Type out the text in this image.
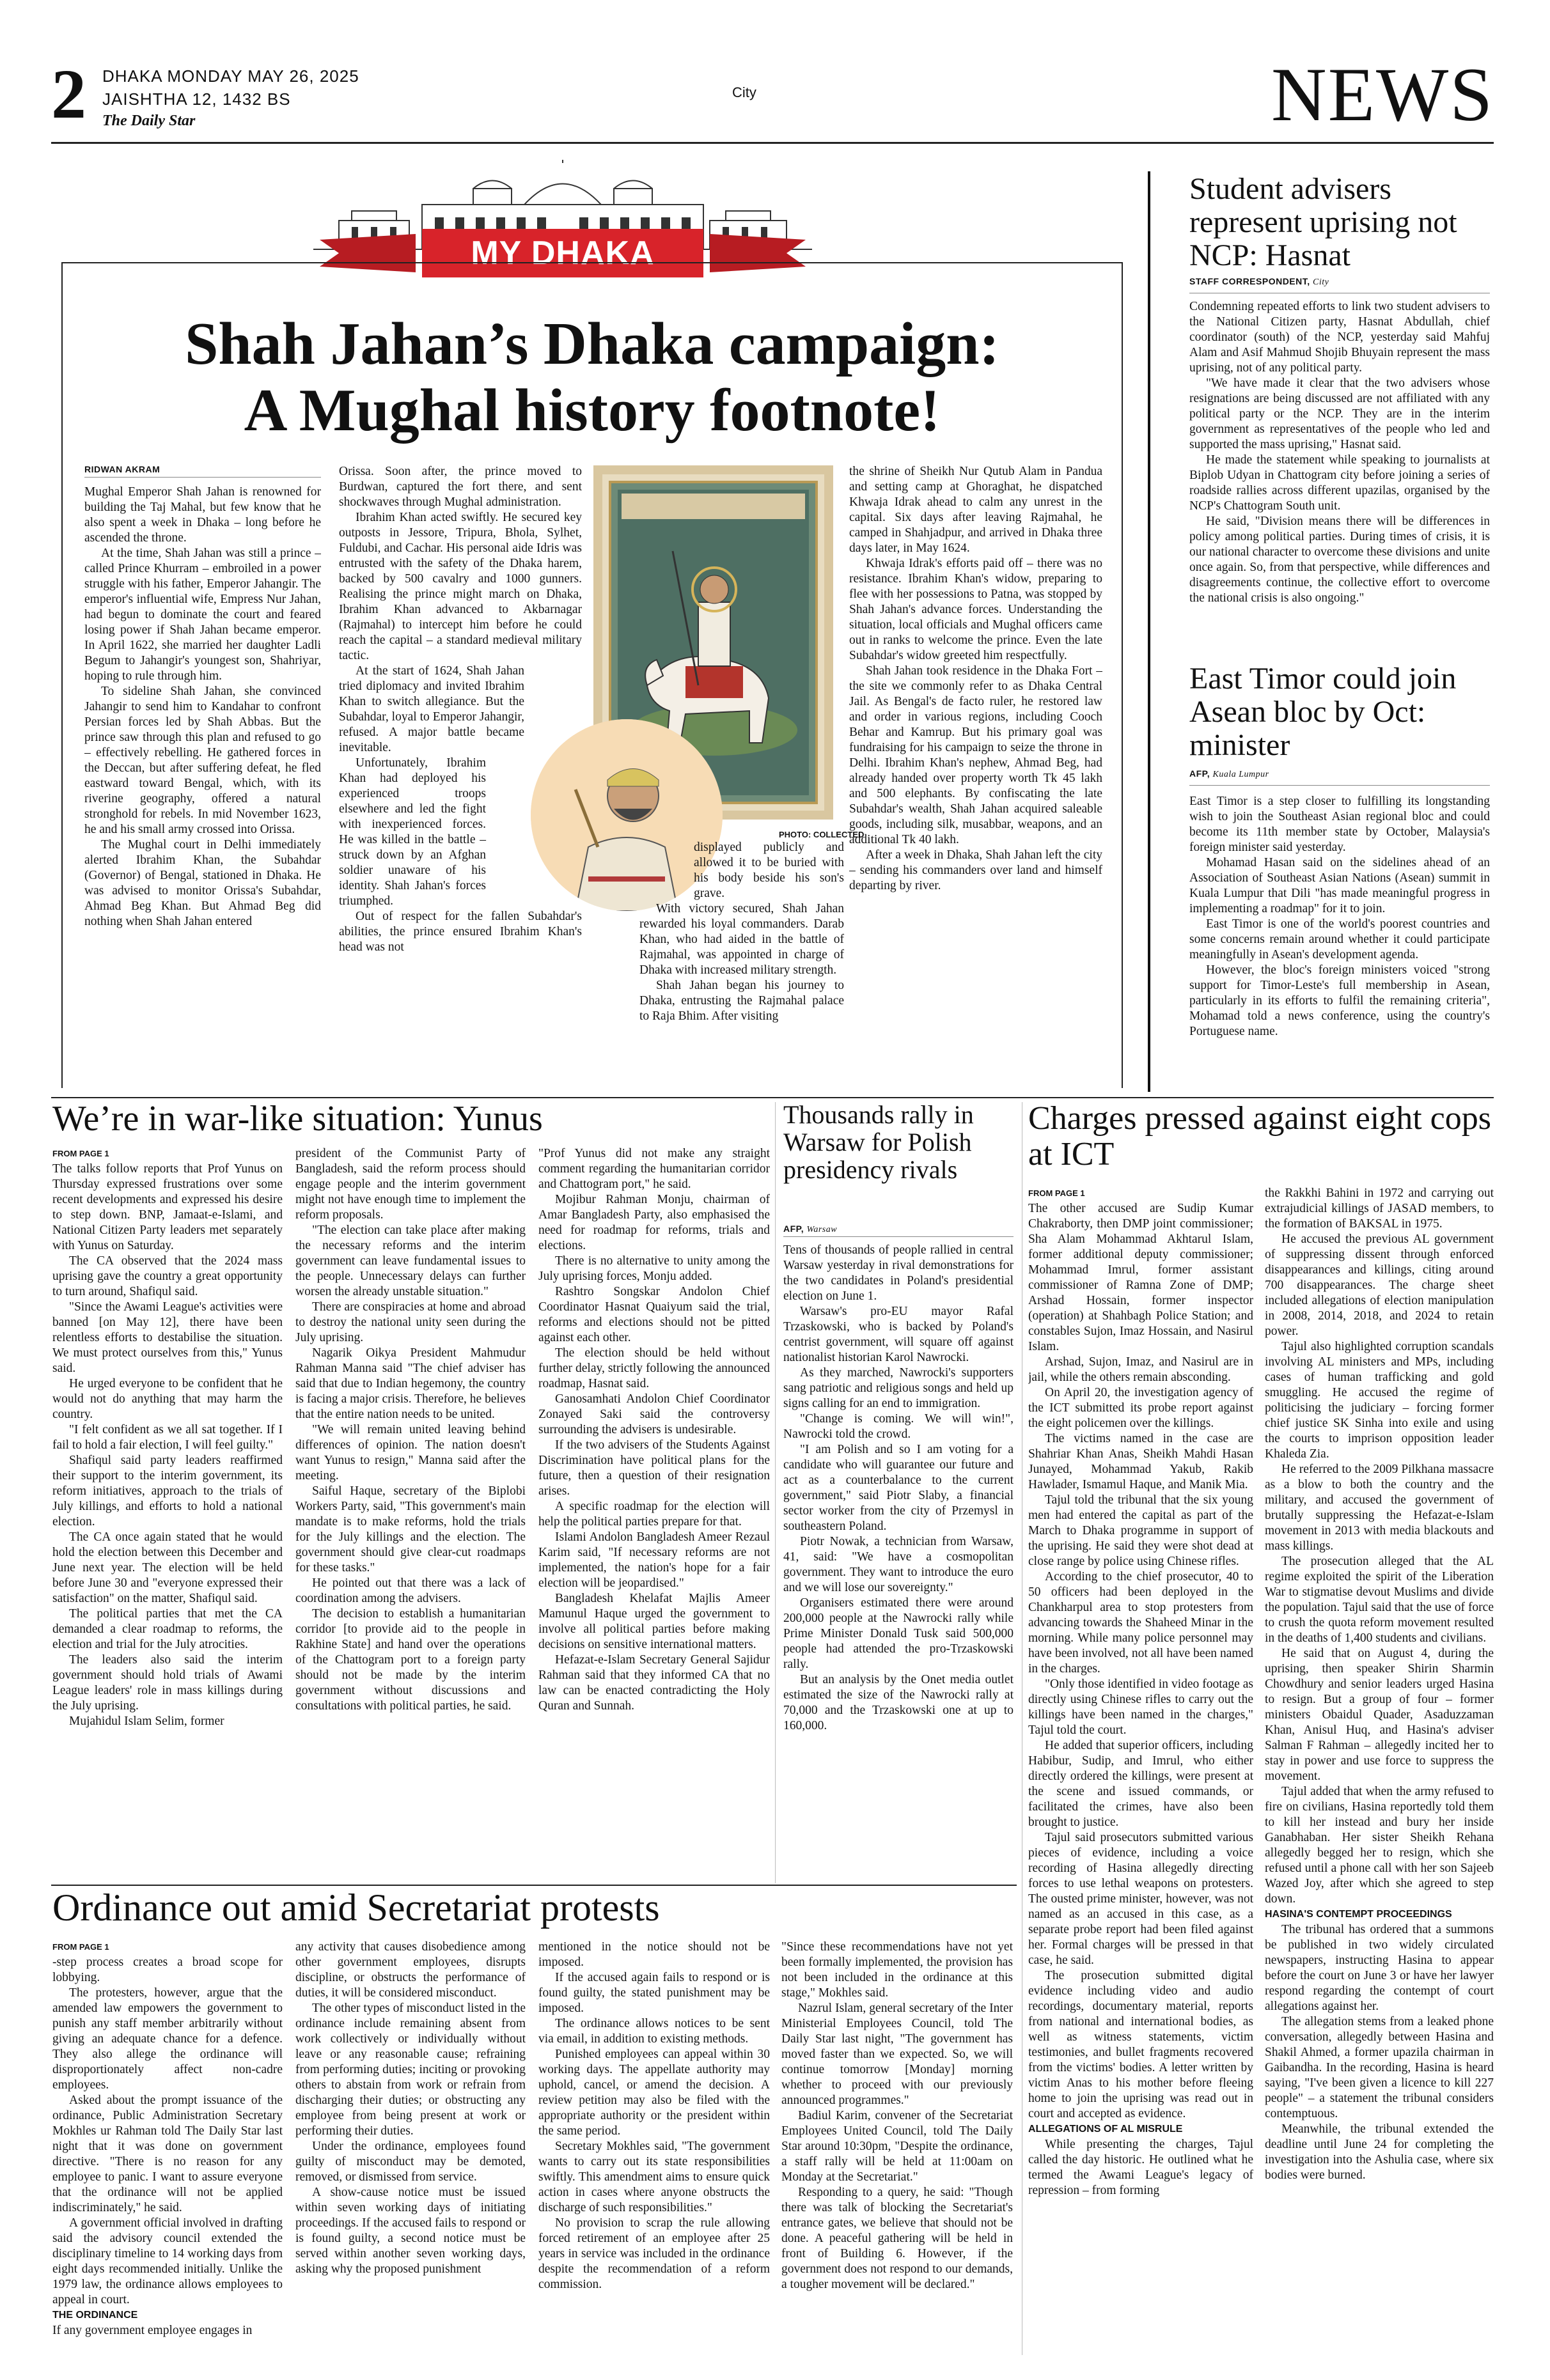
2 DHAKA MONDAY MAY 26, 2025
JAISHTHA 12, 1432 BS
The Daily Star
City	NEWS
MY DHAKA
Shah Jahan’s Dhaka campaign:
A Mughal history footnote!
RIDWAN AKRAM

Mughal Emperor Shah Jahan is renowned for building the Taj Mahal, but few know that he also spent a week in Dhaka – long before he ascended the throne.

At the time, Shah Jahan was still a prince – called Prince Khurram – embroiled in a power struggle with his father, Emperor Jahangir. The emperor's influential wife, Empress Nur Jahan, had begun to dominate the court and feared losing power if Shah Jahan became emperor. In April 1622, she married her daughter Ladli Begum to Jahangir's youngest son, Shahriyar, hoping to rule through him.

To sideline Shah Jahan, she convinced Jahangir to send him to Kandahar to confront Persian forces led by Shah Abbas. But the prince saw through this plan and refused to go – effectively rebelling. He gathered forces in the Deccan, but after suffering defeat, he fled eastward toward Bengal, which, with its riverine geography, offered a natural stronghold for rebels. In mid November 1623, he and his small army crossed into Orissa.

The Mughal court in Delhi immediately alerted Ibrahim Khan, the Subahdar (Governor) of Bengal, stationed in Dhaka. He was advised to monitor Orissa's Subahdar, Ahmad Beg Khan. But Ahmad Beg did nothing when Shah Jahan entered

Orissa. Soon after, the prince moved to Burdwan, captured the fort there, and sent shockwaves through Mughal administration.

Ibrahim Khan acted swiftly. He secured key outposts in Jessore, Tripura, Bhola, Sylhet, Fuldubi, and Cachar. His personal aide Idris was entrusted with the safety of the Dhaka harem, backed by 500 cavalry and 1000 gunners. Realising the prince might march on Dhaka, Ibrahim Khan advanced to Akbarnagar (Rajmahal) to intercept him before he could reach the capital – a standard medieval military tactic.

At the start of 1624, Shah Jahan tried diplomacy and invited Ibrahim Khan to switch allegiance. But the Subahdar, loyal to Emperor Jahangir, refused. A major battle became inevitable.

Unfortunately, Ibrahim Khan had deployed his experienced troops elsewhere and led the fight with inexperienced forces. He was killed in the battle – struck down by an Afghan soldier unaware of his identity. Shah Jahan's forces triumphed.

Out of respect for the fallen Subahdar's abilities, the prince ensured Ibrahim Khan's head was not

PHOTO: COLLECTED

displayed publicly and allowed it to be buried with his body beside his son's grave.

With victory secured, Shah Jahan rewarded his loyal commanders. Darab Khan, who had aided in the battle of Rajmahal, was appointed in charge of Dhaka with increased military strength.

Shah Jahan began his journey to Dhaka, entrusting the Rajmahal palace to Raja Bhim. After visiting

the shrine of Sheikh Nur Qutub Alam in Pandua and setting camp at Ghoraghat, he dispatched Khwaja Idrak ahead to calm any unrest in the capital. Six days after leaving Rajmahal, he camped in Shahjadpur, and arrived in Dhaka three days later, in May 1624.

Khwaja Idrak's efforts paid off – there was no resistance. Ibrahim Khan's widow, preparing to flee with her possessions to Patna, was stopped by Shah Jahan's advance forces. Understanding the situation, local officials and Mughal officers came out in ranks to welcome the prince. Even the late Subahdar's widow greeted him respectfully.

Shah Jahan took residence in the Dhaka Fort – the site we commonly refer to as Dhaka Central Jail. As Bengal's de facto ruler, he restored law and order in various regions, including Cooch Behar and Kamrup. But his primary goal was fundraising for his campaign to seize the throne in Delhi. Ibrahim Khan's nephew, Ahmad Beg, had already handed over property worth Tk 45 lakh and 500 elephants. By confiscating the late Subahdar's wealth, Shah Jahan acquired saleable goods, including silk, musabbar, weapons, and an additional Tk 40 lakh.

After a week in Dhaka, Shah Jahan left the city – sending his commanders over land and himself departing by river.

Student advisers represent uprising not NCP: Hasnat
STAFF CORRESPONDENT, City

Condemning repeated efforts to link two student advisers to the National Citizen party, Hasnat Abdullah, chief coordinator (south) of the NCP, yesterday said Mahfuj Alam and Asif Mahmud Shojib Bhuyain represent the mass uprising, not of any political party.

"We have made it clear that the two advisers whose resignations are being discussed are not affiliated with any political party or the NCP. They are in the interim government as representatives of the people who led and supported the mass uprising," Hasnat said.

He made the statement while speaking to journalists at Biplob Udyan in Chattogram city before joining a series of roadside rallies across different upazilas, organised by the NCP's Chattogram South unit.

He said, "Division means there will be differences in policy among political parties. During times of crisis, it is our national character to overcome these divisions and unite once again. So, from that perspective, while differences and disagreements continue, the collective effort to overcome the national crisis is also ongoing."

East Timor could join Asean bloc by Oct: minister
AFP, Kuala Lumpur

East Timor is a step closer to fulfilling its longstanding wish to join the Southeast Asian regional bloc and could become its 11th member state by October, Malaysia's foreign minister said yesterday.

Mohamad Hasan said on the sidelines ahead of an Association of Southeast Asian Nations (Asean) summit in Kuala Lumpur that Dili "has made meaningful progress in implementing a roadmap" for it to join.

East Timor is one of the world's poorest countries and some concerns remain around whether it could participate meaningfully in Asean's development agenda.

However, the bloc's foreign ministers voiced "strong support for Timor-Leste's full membership in Asean, particularly in its efforts to fulfil the remaining criteria", Mohamad told a news conference, using the country's Portuguese name.

We’re in war-like situation: Yunus
FROM PAGE 1

The talks follow reports that Prof Yunus on Thursday expressed frustrations over some recent developments and expressed his desire to step down. BNP, Jamaat-e-Islami, and National Citizen Party leaders met separately with Yunus on Saturday.

The CA observed that the 2024 mass uprising gave the country a great opportunity to turn around, Shafiqul said.

"Since the Awami League's activities were banned [on May 12], there have been relentless efforts to destabilise the situation. We must protect ourselves from this," Yunus said.

He urged everyone to be confident that he would not do anything that may harm the country.

"I felt confident as we all sat together. If I fail to hold a fair election, I will feel guilty."

Shafiqul said party leaders reaffirmed their support to the interim government, its reform initiatives, approach to the trials of July killings, and efforts to hold a national election.

The CA once again stated that he would hold the election between this December and June next year. The election will be held before June 30 and "everyone expressed their satisfaction" on the matter, Shafiqul said.

The political parties that met the CA demanded a clear roadmap to reforms, the election and trial for the July atrocities.

The leaders also said the interim government should hold trials of Awami League leaders' role in mass killings during the July uprising.

Mujahidul Islam Selim, former

president of the Communist Party of Bangladesh, said the reform process should engage people and the interim government might not have enough time to implement the reform proposals.

"The election can take place after making the necessary reforms and the interim government can leave fundamental issues to the people. Unnecessary delays can further worsen the already unstable situation."

There are conspiracies at home and abroad to destroy the national unity seen during the July uprising.

Nagarik Oikya President Mahmudur Rahman Manna said "The chief adviser has said that due to Indian hegemony, the country is facing a major crisis. Therefore, he believes that the entire nation needs to be united.

"We will remain united leaving behind differences of opinion. The nation doesn't want Yunus to resign," Manna said after the meeting.

Saiful Haque, secretary of the Biplobi Workers Party, said, "This government's main mandate is to make reforms, hold the trials for the July killings and the election. The government should give clear-cut roadmaps for these tasks."

He pointed out that there was a lack of coordination among the advisers.

The decision to establish a humanitarian corridor [to provide aid to the people in Rakhine State] and hand over the operations of the Chattogram port to a foreign party should not be made by the interim government without discussions and consultations with political parties, he said.

"Prof Yunus did not make any straight comment regarding the humanitarian corridor and Chattogram port," he said.

Mojibur Rahman Monju, chairman of Amar Bangladesh Party, also emphasised the need for roadmap for reforms, trials and elections.

There is no alternative to unity among the July uprising forces, Monju added.

Rashtro Songskar Andolon Chief Coordinator Hasnat Quaiyum said the trial, reforms and elections should not be pitted against each other.

The election should be held without further delay, strictly following the announced roadmap, Hasnat said.

Ganosamhati Andolon Chief Coordinator Zonayed Saki said the controversy surrounding the advisers is undesirable.

If the two advisers of the Students Against Discrimination have political plans for the future, then a question of their resignation arises.

A specific roadmap for the election will help the political parties prepare for that.

Islami Andolon Bangladesh Ameer Rezaul Karim said, "If necessary reforms are not implemented, the nation's hope for a fair election will be jeopardised."

Bangladesh Khelafat Majlis Ameer Mamunul Haque urged the government to involve all political parties before making decisions on sensitive international matters.

Hefazat-e-Islam Secretary General Sajidur Rahman said that they informed CA that no law can be enacted contradicting the Holy Quran and Sunnah.

Thousands rally in Warsaw for Polish presidency rivals
AFP, Warsaw

Tens of thousands of people rallied in central Warsaw yesterday in rival demonstrations for the two candidates in Poland's presidential election on June 1.

Warsaw's pro-EU mayor Rafal Trzaskowski, who is backed by Poland's centrist government, will square off against nationalist historian Karol Nawrocki.

As they marched, Nawrocki's supporters sang patriotic and religious songs and held up signs calling for an end to immigration.

"Change is coming. We will win!", Nawrocki told the crowd.

"I am Polish and so I am voting for a candidate who will guarantee our future and act as a counterbalance to the current government," said Piotr Slaby, a financial sector worker from the city of Przemysl in southeastern Poland.

Piotr Nowak, a technician from Warsaw, 41, said: "We have a cosmopolitan government. They want to introduce the euro and we will lose our sovereignty."

Organisers estimated there were around 200,000 people at the Nawrocki rally while Prime Minister Donald Tusk said 500,000 people had attended the pro-Trzaskowski rally.

But an analysis by the Onet media outlet estimated the size of the Nawrocki rally at 70,000 and the Trzaskowski one at up to 160,000.

Charges pressed against eight cops at ICT
FROM PAGE 1

The other accused are Sudip Kumar Chakraborty, then DMP joint commissioner; Sha Alam Mohammad Akhtarul Islam, former additional deputy commissioner; Mohammad Imrul, former assistant commissioner of Ramna Zone of DMP; Arshad Hossain, former inspector (operation) at Shahbagh Police Station; and constables Sujon, Imaz Hossain, and Nasirul Islam.

Arshad, Sujon, Imaz, and Nasirul are in jail, while the others remain absconding.

On April 20, the investigation agency of the ICT submitted its probe report against the eight policemen over the killings.

The victims named in the case are Shahriar Khan Anas, Sheikh Mahdi Hasan Junayed, Mohammad Yakub, Rakib Hawlader, Ismamul Haque, and Manik Mia.

Tajul told the tribunal that the six young men had entered the capital as part of the March to Dhaka programme in support of the uprising. He said they were shot dead at close range by police using Chinese rifles.

According to the chief prosecutor, 40 to 50 officers had been deployed in the Chankharpul area to stop protesters from advancing towards the Shaheed Minar in the morning. While many police personnel may have been involved, not all have been named in the charges.

"Only those identified in video footage as directly using Chinese rifles to carry out the killings have been named in the charges," Tajul told the court.

He added that superior officers, including Habibur, Sudip, and Imrul, who either directly ordered the killings, were present at the scene and issued commands, or facilitated the crimes, have also been brought to justice.

Tajul said prosecutors submitted various pieces of evidence, including a voice recording of Hasina allegedly directing forces to use lethal weapons on protesters. The ousted prime minister, however, was not named as an accused in this case, as a separate probe report had been filed against her. Formal charges will be pressed in that case, he said.

The prosecution submitted digital evidence including video and audio recordings, documentary material, reports from national and international bodies, as well as witness statements, victim testimonies, and bullet fragments recovered from the victims' bodies. A letter written by victim Anas to his mother before fleeing home to join the uprising was read out in court and accepted as evidence.

ALLEGATIONS OF AL MISRULE

While presenting the charges, Tajul called the day historic. He outlined what he termed the Awami League's legacy of repression – from forming

the Rakkhi Bahini in 1972 and carrying out extrajudicial killings of JASAD members, to the formation of BAKSAL in 1975.

He accused the previous AL government of suppressing dissent through enforced disappearances and killings, citing around 700 disappearances. The charge sheet included allegations of election manipulation in 2008, 2014, 2018, and 2024 to retain power.

Tajul also highlighted corruption scandals involving AL ministers and MPs, including cases of human trafficking and gold smuggling. He accused the regime of politicising the judiciary – forcing former chief justice SK Sinha into exile and using the courts to imprison opposition leader Khaleda Zia.

He referred to the 2009 Pilkhana massacre as a blow to both the country and the military, and accused the government of brutally suppressing the Hefazat-e-Islam movement in 2013 with media blackouts and mass killings.

The prosecution alleged that the AL regime exploited the spirit of the Liberation War to stigmatise devout Muslims and divide the population. Tajul said that the use of force to crush the quota reform movement resulted in the deaths of 1,400 students and civilians.

He said that on August 4, during the uprising, then speaker Shirin Sharmin Chowdhury and senior leaders urged Hasina to resign. But a group of four – former ministers Obaidul Quader, Asaduzzaman Khan, Anisul Huq, and Hasina's adviser Salman F Rahman – allegedly incited her to stay in power and use force to suppress the movement.

Tajul added that when the army refused to fire on civilians, Hasina reportedly told them to kill her instead and bury her inside Ganabhaban. Her sister Sheikh Rehana allegedly begged her to resign, which she refused until a phone call with her son Sajeeb Wazed Joy, after which she agreed to step down.

HASINA'S CONTEMPT PROCEEDINGS

The tribunal has ordered that a summons be published in two widely circulated newspapers, instructing Hasina to appear before the court on June 3 or have her lawyer respond regarding the contempt of court allegations against her.

The allegation stems from a leaked phone conversation, allegedly between Hasina and Shakil Ahmed, a former upazila chairman in Gaibandha. In the recording, Hasina is heard saying, "I've been given a licence to kill 227 people" – a statement the tribunal considers contemptuous.

Meanwhile, the tribunal extended the deadline until June 24 for completing the investigation into the Ashulia case, where six bodies were burned.

Ordinance out amid Secretariat protests
FROM PAGE 1

-step process creates a broad scope for lobbying.

The protesters, however, argue that the amended law empowers the government to punish any staff member arbitrarily without giving an adequate chance for a defence. They also allege the ordinance will disproportionately affect non-cadre employees.

Asked about the prompt issuance of the ordinance, Public Administration Secretary Mokhles ur Rahman told The Daily Star last night that it was done on government directive. "There is no reason for any employee to panic. I want to assure everyone that the ordinance will not be applied indiscriminately," he said.

A government official involved in drafting said the advisory council extended the disciplinary timeline to 14 working days from eight days recommended initially. Unlike the 1979 law, the ordinance allows employees to appeal in court.

THE ORDINANCE

If any government employee engages in

any activity that causes disobedience among other government employees, disrupts discipline, or obstructs the performance of duties, it will be considered misconduct.

The other types of misconduct listed in the ordinance include remaining absent from work collectively or individually without leave or any reasonable cause; refraining from performing duties; inciting or provoking others to abstain from work or refrain from discharging their duties; or obstructing any employee from being present at work or performing their duties.

Under the ordinance, employees found guilty of misconduct may be demoted, removed, or dismissed from service.

A show-cause notice must be issued within seven working days of initiating proceedings. If the accused fails to respond or is found guilty, a second notice must be served within another seven working days, asking why the proposed punishment

mentioned in the notice should not be imposed.

If the accused again fails to respond or is found guilty, the stated punishment may be imposed.

The ordinance allows notices to be sent via email, in addition to existing methods.

Punished employees can appeal within 30 working days. The appellate authority may uphold, cancel, or amend the decision. A review petition may also be filed with the appropriate authority or the president within the same period.

Secretary Mokhles said, "The government wants to carry out its state responsibilities swiftly. This amendment aims to ensure quick action in cases where anyone obstructs the discharge of such responsibilities."

No provision to scrap the rule allowing forced retirement of an employee after 25 years in service was included in the ordinance despite the recommendation of a reform commission.

"Since these recommendations have not yet been formally implemented, the provision has not been included in the ordinance at this stage," Mokhles said.

Nazrul Islam, general secretary of the Inter Ministerial Employees Council, told The Daily Star last night, "The government has moved faster than we expected. So, we will continue tomorrow [Monday] morning whether to proceed with our previously announced programmes."

Badiul Karim, convener of the Secretariat Employees United Council, told The Daily Star around 10:30pm, "Despite the ordinance, a staff rally will be held at 11:00am on Monday at the Secretariat."

Responding to a query, he said: "Though there was talk of blocking the Secretariat's entrance gates, we believe that should not be done. A peaceful gathering will be held in front of Building 6. However, if the government does not respond to our demands, a tougher movement will be declared."
